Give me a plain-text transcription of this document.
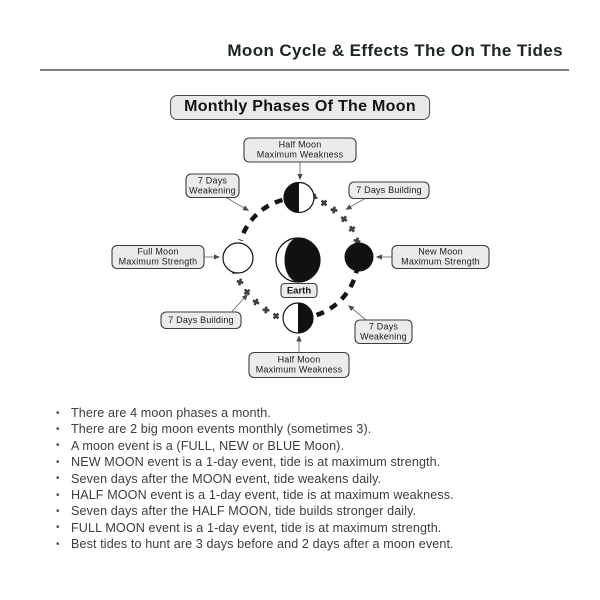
Moon Cycle & Effects The On The Tides
Monthly Phases Of The Moon
Earth
Half Moon
Maximum Weakness
7 Days
Weakening	7 Days Building
Full Moon
Maximum Strength
New Moon
Maximum Strength
7 Days Building
7 Days
Weakening
Half Moon
Maximum Weakness
• There are 4 moon phases a month.
• There are 2 big moon events monthly (sometimes 3).
• A moon event is a (FULL, NEW or BLUE Moon).
• NEW MOON event is a 1-day event, tide is at maximum strength.
• Seven days after the MOON event, tide weakens daily.
• HALF MOON event is a 1-day event, tide is at maximum weakness.
• Seven days after the HALF MOON, tide builds stronger daily.
• FULL MOON event is a 1-day event, tide is at maximum strength.
• Best tides to hunt are 3 days before and 2 days after a moon event.
